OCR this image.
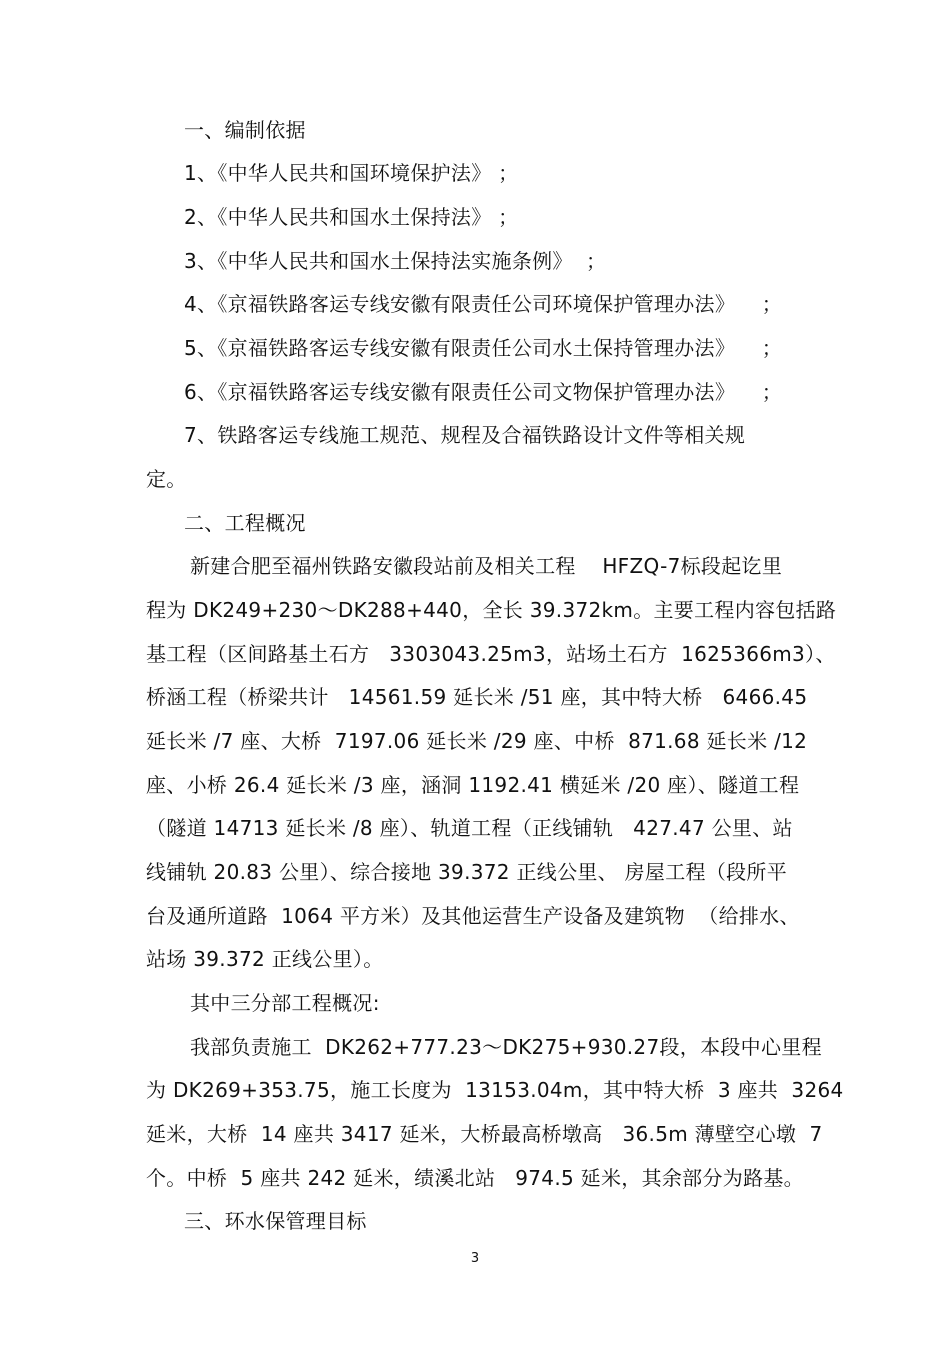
一、编制依据
1、《中华人民共和国环境保护法》 ；
2、《中华人民共和国水土保持法》 ；
3、《中华人民共和国水土保持法实施条例》  ；
4、《京福铁路客运专线安徽有限责任公司环境保护管理办法》    ；
5、《京福铁路客运专线安徽有限责任公司水土保持管理办法》    ；
6、《京福铁路客运专线安徽有限责任公司文物保护管理办法》    ；
7、铁路客运专线施工规范、规程及合福铁路设计文件等相关规
定。
二、工程概况
新建合肥至福州铁路安徽段站前及相关工程    HFZQ-7标段起讫里
程为 DK249+230～DK288+440，全长 39.372km。主要工程内容包括路
基工程（区间路基土石方   3303043.25m3，站场土石方  1625366m3）、
桥涵工程（桥梁共计   14561.59 延长米 /51 座，其中特大桥   6466.45
延长米 /7 座、大桥  7197.06 延长米 /29 座、中桥  871.68 延长米 /12
座、小桥 26.4 延长米 /3 座，涵洞 1192.41 横延米 /20 座）、隧道工程
（隧道 14713 延长米 /8 座）、轨道工程（正线铺轨   427.47 公里、站
线铺轨 20.83 公里）、综合接地 39.372 正线公里、 房屋工程（段所平
台及通所道路  1064 平方米）及其他运营生产设备及建筑物  （给排水、
站场 39.372 正线公里）。
其中三分部工程概况:
我部负责施工  DK262+777.23～DK275+930.27段，本段中心里程
为 DK269+353.75，施工长度为  13153.04m，其中特大桥  3 座共  3264
延米，大桥  14 座共 3417 延米，大桥最高桥墩高   36.5m 薄壁空心墩  7
个。中桥  5 座共 242 延米，绩溪北站   974.5 延米，其余部分为路基。
三、环水保管理目标
3
